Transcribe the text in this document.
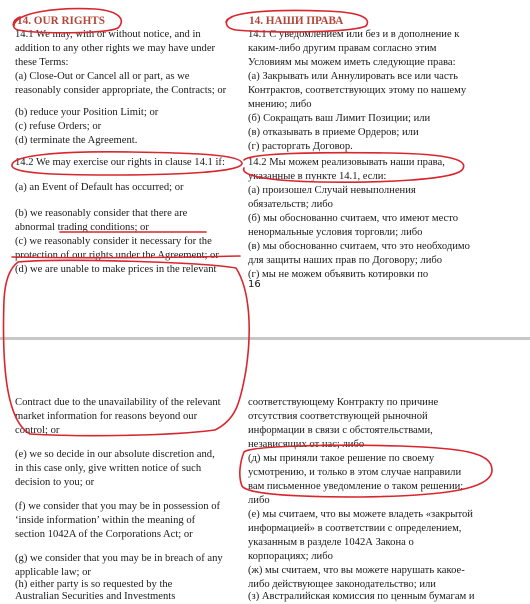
14. OUR RIGHTS	14. НАШИ ПРАВА
14.1 We may, with or without notice, and in
addition to any other rights we may have under
these Terms:
(a) Close-Out or Cancel all or part, as we
reasonably consider appropriate, the Contracts; or
(b) reduce your Position Limit; or
(c) refuse Orders; or
(d) terminate the Agreement.
14.2 We may exercise our rights in clause 14.1 if:
(a) an Event of Default has occurred; or
(b) we reasonably consider that there are
abnormal trading conditions; or
(c) we reasonably consider it necessary for the
protection of our rights under the Agreement; or
(d) we are unable to make prices in the relevant
14.1 С уведомлением или без и в дополнение к
каким-либо другим правам согласно этим
Условиям мы можем иметь следующие права:
(а) Закрывать или Аннулировать все или часть
Контрактов, соответствующих этому по нашему
мнению; либо
(б) Сокращать ваш Лимит Позиции; или
(в) отказывать в приеме Ордеров; или
(г) расторгать Договор.
14.2 Мы можем реализовывать наши права,
указанные в пункте 14.1, если:
(а) произошел Случай невыполнения
обязательств; либо
(б) мы обоснованно считаем, что имеют место
ненормальные условия торговли; либо
(в) мы обоснованно считаем, что это необходимо
для защиты наших прав по Договору; либо
(г) мы не можем объявить котировки по
16
Contract due to the unavailability of the relevant
market information for reasons beyond our
control; or
(e) we so decide in our absolute discretion and,
in this case only, give written notice of such
decision to you; or
(f) we consider that you may be in possession of
‘inside information’ within the meaning of
section 1042A of the Corporations Act; or
(g) we consider that you may be in breach of any
applicable law; or
(h) either party is so requested by the
Australian Securities and Investments
соответствующему Контракту по причине
отсутствия соответствующей рыночной
информации в связи с обстоятельствами,
независящих от нас; либо
(д) мы приняли такое решение по своему
усмотрению, и только в этом случае направили
вам письменное уведомление о таком решении;
либо
(е) мы считаем, что вы можете владеть «закрытой
информацией» в соответствии с определением,
указанным в разделе 1042А Закона о
корпорациях; либо
(ж) мы считаем, что вы можете нарушать какое-
либо действующее законодательство; или
(з) Австралийская комиссия по ценным бумагам и
